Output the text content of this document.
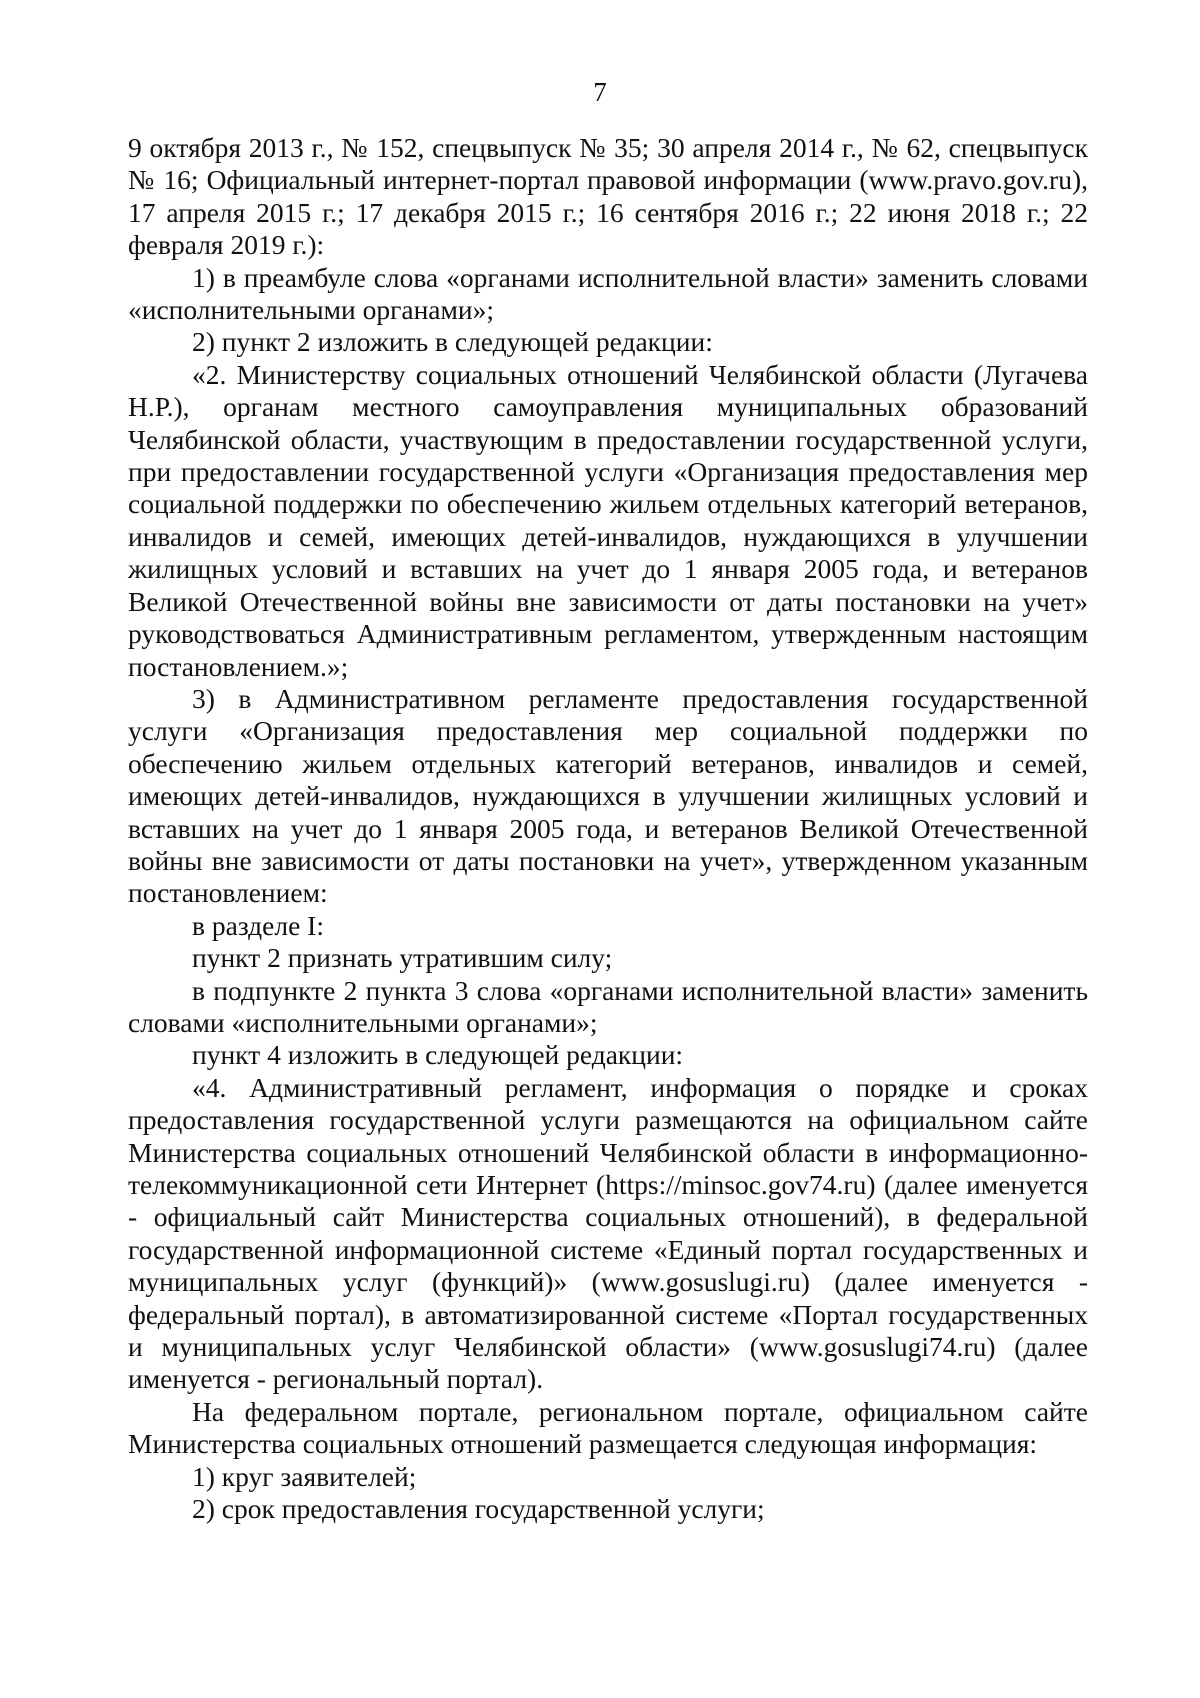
7

9 октября 2013 г., № 152, спецвыпуск № 35; 30 апреля 2014 г., № 62, спецвыпуск № 16; Официальный интернет-портал правовой информации (www.pravo.gov.ru), 17 апреля 2015 г.; 17 декабря 2015 г.; 16 сентября 2016 г.; 22 июня 2018 г.; 22 февраля 2019 г.):

1) в преамбуле слова «органами исполнительной власти» заменить словами «исполнительными органами»;

2) пункт 2 изложить в следующей редакции:

«2. Министерству социальных отношений Челябинской области (Лугачева Н.Р.), органам местного самоуправления муниципальных образований Челябинской области, участвующим в предоставлении государственной услуги, при предоставлении государственной услуги «Организация предоставления мер социальной поддержки по обеспечению жильем отдельных категорий ветеранов, инвалидов и семей, имеющих детей-инвалидов, нуждающихся в улучшении жилищных условий и вставших на учет до 1 января 2005 года, и ветеранов Великой Отечественной войны вне зависимости от даты постановки на учет» руководствоваться Административным регламентом, утвержденным настоящим постановлением.»;

3) в Административном регламенте предоставления государственной услуги «Организация предоставления мер социальной поддержки по обеспечению жильем отдельных категорий ветеранов, инвалидов и семей, имеющих детей-инвалидов, нуждающихся в улучшении жилищных условий и вставших на учет до 1 января 2005 года, и ветеранов Великой Отечественной войны вне зависимости от даты постановки на учет», утвержденном указанным постановлением:

в разделе I:

пункт 2 признать утратившим силу;

в подпункте 2 пункта 3 слова «органами исполнительной власти» заменить словами «исполнительными органами»;

пункт 4 изложить в следующей редакции:

«4. Административный регламент, информация о порядке и сроках предоставления государственной услуги размещаются на официальном сайте Министерства социальных отношений Челябинской области в информационно-телекоммуникационной сети Интернет (https://minsoc.gov74.ru) (далее именуется - официальный сайт Министерства социальных отношений), в федеральной государственной информационной системе «Единый портал государственных и муниципальных услуг (функций)» (www.gosuslugi.ru) (далее именуется - федеральный портал), в автоматизированной системе «Портал государственных и муниципальных услуг Челябинской области» (www.gosuslugi74.ru) (далее именуется - региональный портал).

На федеральном портале, региональном портале, официальном сайте Министерства социальных отношений размещается следующая информация:

1) круг заявителей;

2) срок предоставления государственной услуги;
